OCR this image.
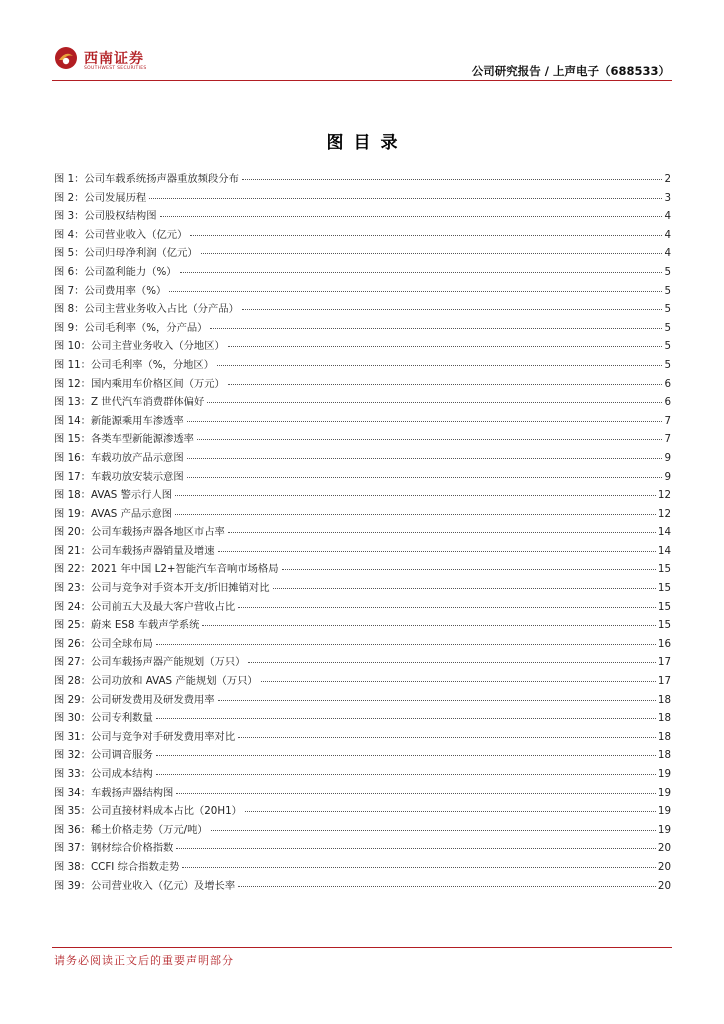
西南证券
SOUTHWEST SECURITIES	公司研究报告 / 上声电子（688533）
图目录
图 1：公司车载系统扬声器重放频段分布	2
图 2：公司发展历程	3
图 3：公司股权结构图	4
图 4：公司营业收入（亿元）	4
图 5：公司归母净利润（亿元）	4
图 6：公司盈利能力（%）	5
图 7：公司费用率（%）	5
图 8：公司主营业务收入占比（分产品）	5
图 9：公司毛利率（%，分产品）	5
图 10：公司主营业务收入（分地区）	5
图 11：公司毛利率（%，分地区）	5
图 12：国内乘用车价格区间（万元）	6
图 13：Z 世代汽车消费群体偏好	6
图 14：新能源乘用车渗透率	7
图 15：各类车型新能源渗透率	7
图 16：车载功放产品示意图	9
图 17：车载功放安装示意图	9
图 18：AVAS 警示行人图	12
图 19：AVAS 产品示意图	12
图 20：公司车载扬声器各地区市占率	14
图 21：公司车载扬声器销量及增速	14
图 22：2021 年中国 L2+智能汽车音响市场格局	15
图 23：公司与竞争对手资本开支/折旧摊销对比	15
图 24：公司前五大及最大客户营收占比	15
图 25：蔚来 ES8 车载声学系统	15
图 26：公司全球布局	16
图 27：公司车载扬声器产能规划（万只）	17
图 28：公司功放和 AVAS 产能规划（万只）	17
图 29：公司研发费用及研发费用率	18
图 30：公司专利数量	18
图 31：公司与竞争对手研发费用率对比	18
图 32：公司调音服务	18
图 33：公司成本结构	19
图 34：车载扬声器结构图	19
图 35：公司直接材料成本占比（20H1）	19
图 36：稀土价格走势（万元/吨）	19
图 37：钢材综合价格指数	20
图 38：CCFI 综合指数走势	20
图 39：公司营业收入（亿元）及增长率	20
请务必阅读正文后的重要声明部分
